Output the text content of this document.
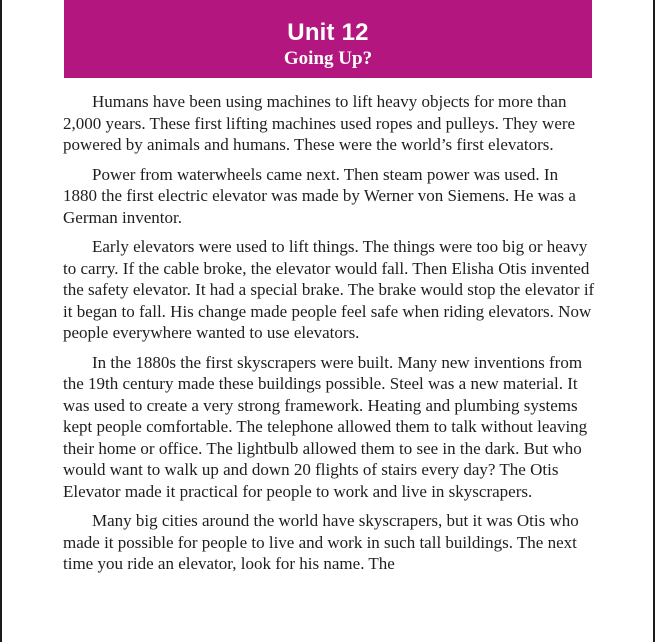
Unit 12
Going Up?

Humans have been using machines to lift heavy objects for more than 2,000 years. These first lifting machines used ropes and pulleys. They were powered by animals and humans. These were the world’s first elevators.

Power from waterwheels came next. Then steam power was used. In 1880 the first electric elevator was made by Werner von Siemens. He was a German inventor.

Early elevators were used to lift things. The things were too big or heavy to carry. If the cable broke, the elevator would fall. Then Elisha Otis invented the safety elevator. It had a special brake. The brake would stop the elevator if it began to fall. His change made people feel safe when riding elevators. Now people everywhere wanted to use elevators.

In the 1880s the first skyscrapers were built. Many new inventions from the 19th century made these buildings possible. Steel was a new material. It was used to create a very strong framework. Heating and plumbing systems kept people comfortable. The telephone allowed them to talk without leaving their home or office. The lightbulb allowed them to see in the dark. But who would want to walk up and down 20 flights of stairs every day? The Otis Elevator made it practical for people to work and live in skyscrapers.

Many big cities around the world have skyscrapers, but it was Otis who made it possible for people to live and work in such tall buildings. The next time you ride an elevator, look for his name. The
